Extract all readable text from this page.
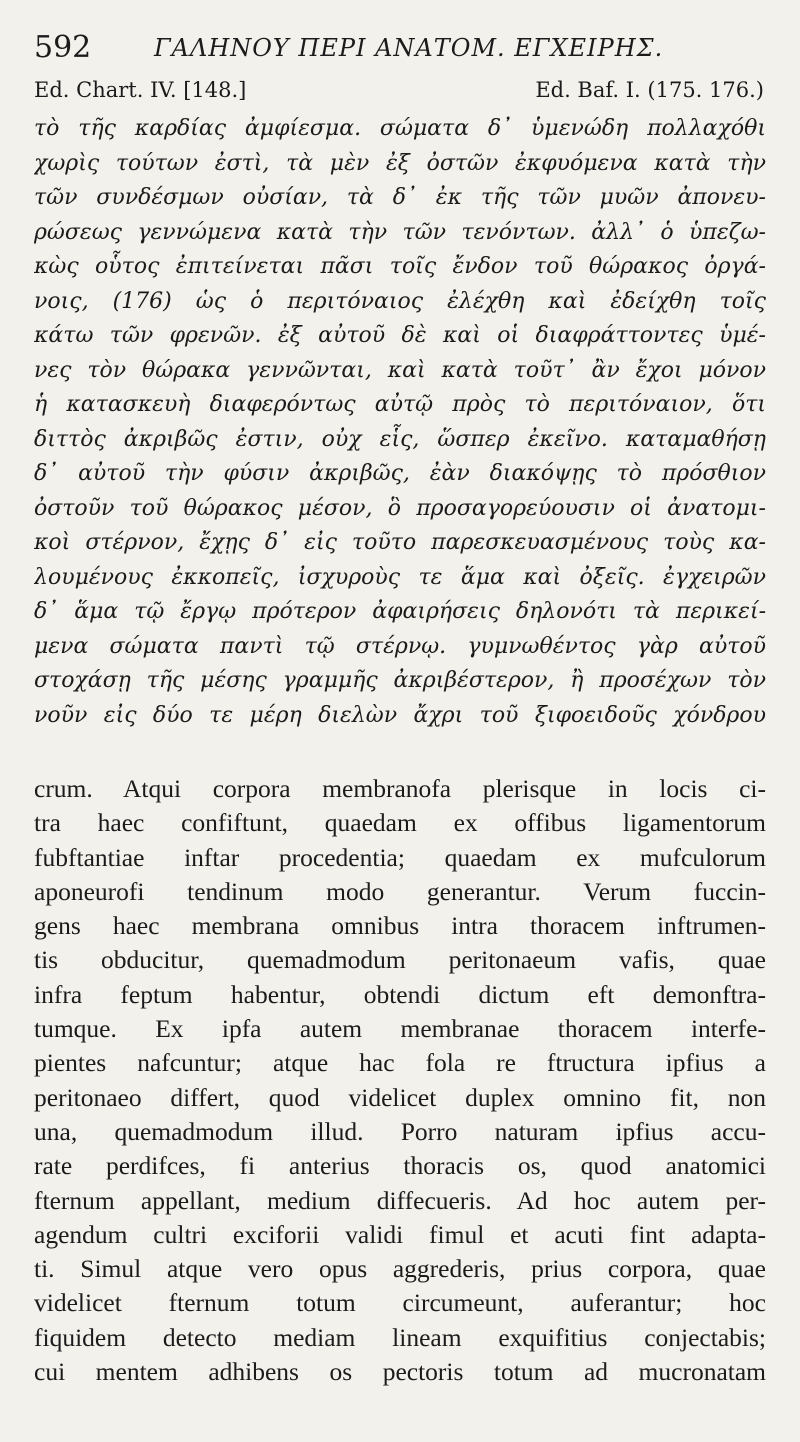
592	ΓΑΛΗΝΟΥ ΠΕΡΙ ΑΝΑΤΟΜ. ΕΓΧΕΙΡΗΣ.
Ed. Chart. IV. [148.]	Ed. Baf. I. (175. 176.)
τὸ τῆς καρδίας ἀμφίεσμα. σώματα δ᾽ ὑμενώδη πολλαχόθι
χωρὶς τούτων ἐστὶ, τὰ μὲν ἐξ ὀστῶν ἐκφυόμενα κατὰ τὴν
τῶν συνδέσμων οὐσίαν, τὰ δ᾽ ἐκ τῆς τῶν μυῶν ἀπονευ-
ρώσεως γεννώμενα κατὰ τὴν τῶν τενόντων. ἀλλ᾽ ὁ ὑπεζω-
κὼς οὗτος ἐπιτείνεται πᾶσι τοῖς ἔνδον τοῦ θώρακος ὀργά-
νοις, (176) ὡς ὁ περιτόναιος ἐλέχθη καὶ ἐδείχθη τοῖς
κάτω τῶν φρενῶν. ἐξ αὐτοῦ δὲ καὶ οἱ διαφράττοντες ὑμέ-
νες τὸν θώρακα γεννῶνται, καὶ κατὰ τοῦτ᾽ ἂν ἔχοι μόνον
ἡ κατασκευὴ διαφερόντως αὐτῷ πρὸς τὸ περιτόναιον, ὅτι
διττὸς ἀκριβῶς ἐστιν, οὐχ εἷς, ὥσπερ ἐκεῖνο. καταμαθήσῃ
δ᾽ αὐτοῦ τὴν φύσιν ἀκριβῶς, ἐὰν διακόψῃς τὸ πρόσθιον
ὀστοῦν τοῦ θώρακος μέσον, ὃ προσαγορεύουσιν οἱ ἀνατομι-
κοὶ στέρνον, ἔχῃς δ᾽ εἰς τοῦτο παρεσκευασμένους τοὺς κα-
λουμένους ἐκκοπεῖς, ἰσχυροὺς τε ἅμα καὶ ὀξεῖς. ἐγχειρῶν
δ᾽ ἅμα τῷ ἔργῳ πρότερον ἀφαιρήσεις δηλονότι τὰ περικεί-
μενα σώματα παντὶ τῷ στέρνῳ. γυμνωθέντος γὰρ αὐτοῦ
στοχάσῃ τῆς μέσης γραμμῆς ἀκριβέστερον, ἢ προσέχων τὸν
νοῦν εἰς δύο τε μέρη διελὼν ἄχρι τοῦ ξιφοειδοῦς χόνδρου
crum. Atqui corpora membranofa plerisque in locis ci-
tra haec confiftunt, quaedam ex offibus ligamentorum
fubftantiae inftar procedentia; quaedam ex mufculorum
aponeurofi tendinum modo generantur. Verum fuccin-
gens haec membrana omnibus intra thoracem inftrumen-
tis obducitur, quemadmodum peritonaeum vafis, quae
infra feptum habentur, obtendi dictum eft demonftra-
tumque. Ex ipfa autem membranae thoracem interfe-
pientes nafcuntur; atque hac fola re ftructura ipfius a
peritonaeo differt, quod videlicet duplex omnino fit, non
una, quemadmodum illud. Porro naturam ipfius accu-
rate perdifces, fi anterius thoracis os, quod anatomici
fternum appellant, medium diffecueris. Ad hoc autem per-
agendum cultri exciforii validi fimul et acuti fint adapta-
ti. Simul atque vero opus aggrederis, prius corpora, quae
videlicet fternum totum circumeunt, auferantur; hoc
fiquidem detecto mediam lineam exquifitius conjectabis;
cui mentem adhibens os pectoris totum ad mucronatam
